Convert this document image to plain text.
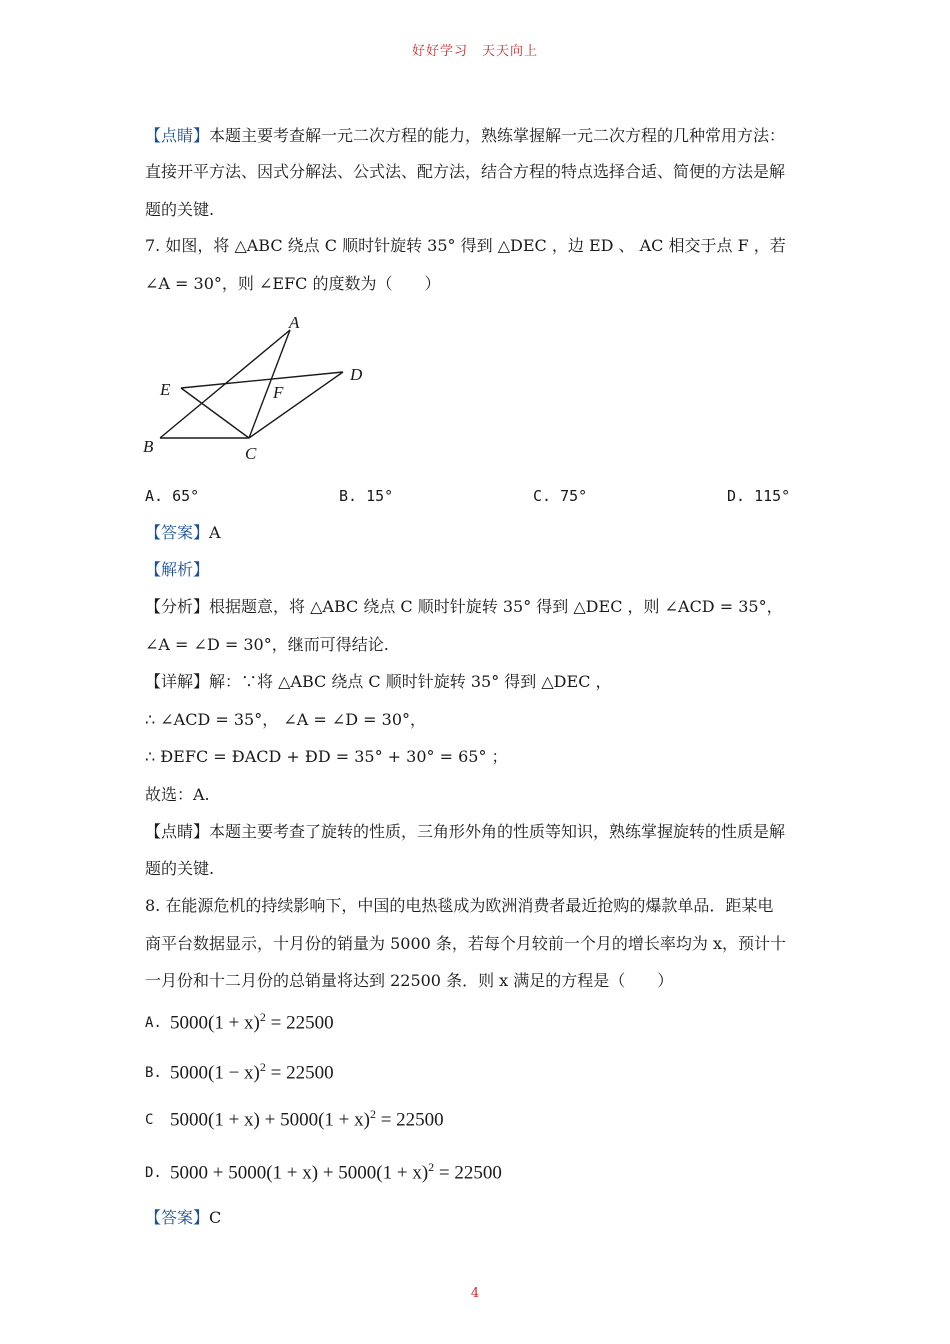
好好学习　天天向上
【点睛】本题主要考查解一元二次方程的能力，熟练掌握解一元二次方程的几种常用方法：
直接开平方法、因式分解法、公式法、配方法，结合方程的特点选择合适、简便的方法是解
题的关键.
7. 如图，将 △ABC 绕点 C 顺时针旋转 35° 得到 △DEC ，边 ED 、 AC 相交于点 F ，若
∠A = 30°，则 ∠EFC 的度数为（　　）
A
D
E	F
B	C
A. 65°	B. 15°	C. 75°	D. 115°
【答案】A
【解析】
【分析】根据题意，将 △ABC 绕点 C 顺时针旋转 35° 得到 △DEC ，则 ∠ACD = 35°，
∠A = ∠D = 30°，继而可得结论.
【详解】解：∵将 △ABC 绕点 C 顺时针旋转 35° 得到 △DEC ，
∴ ∠ACD = 35°， ∠A = ∠D = 30°，
∴ ĐEFC = ĐACD + ĐD = 35° + 30° = 65° ；
故选：A.
【点睛】本题主要考查了旋转的性质，三角形外角的性质等知识，熟练掌握旋转的性质是解
题的关键.
8. 在能源危机的持续影响下，中国的电热毯成为欧洲消费者最近抢购的爆款单品．距某电
商平台数据显示，十月份的销量为 5000 条，若每个月较前一个月的增长率均为 x，预计十
一月份和十二月份的总销量将达到 22500 条．则 x 满足的方程是（　　）
A. $5000(1 + x)^2 = 22500$
B. $5000(1 - x)^2 = 22500$
C $5000(1 + x) + 5000(1 + x)^2 = 22500$
D. $5000 + 5000(1 + x) + 5000(1 + x)^2 = 22500$
【答案】C
4
